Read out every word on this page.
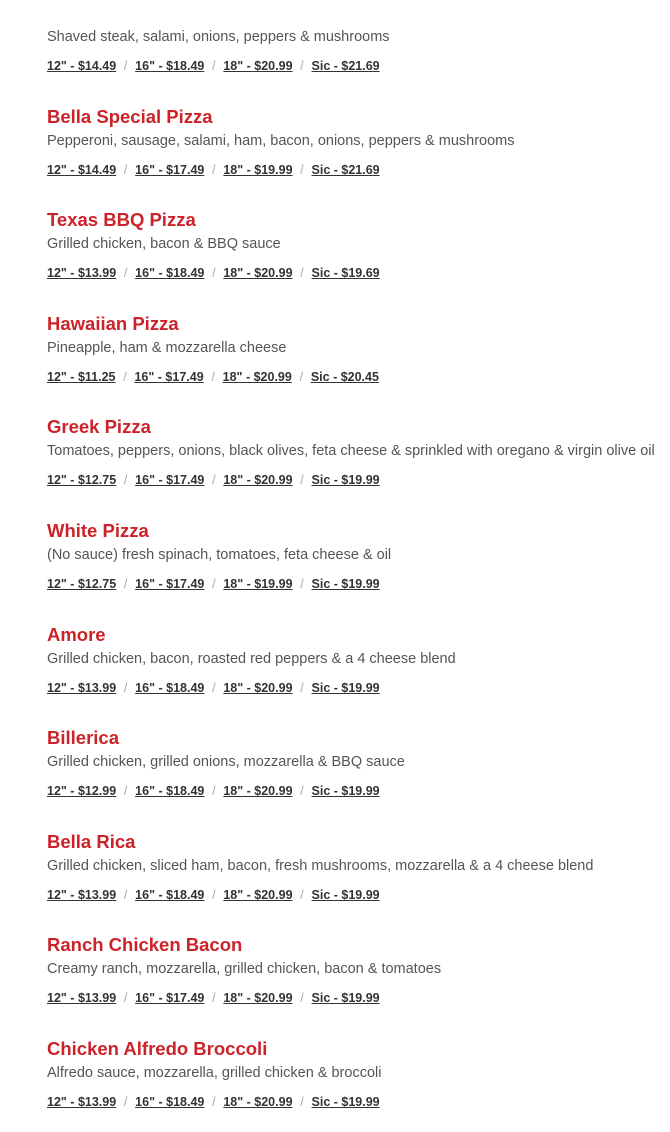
Shaved steak, salami, onions, peppers & mushrooms
12" - $14.49 / 16" - $18.49 / 18" - $20.99 / Sic - $21.69
Bella Special Pizza
Pepperoni, sausage, salami, ham, bacon, onions, peppers & mushrooms
12" - $14.49 / 16" - $17.49 / 18" - $19.99 / Sic - $21.69
Texas BBQ Pizza
Grilled chicken, bacon & BBQ sauce
12" - $13.99 / 16" - $18.49 / 18" - $20.99 / Sic - $19.69
Hawaiian Pizza
Pineapple, ham & mozzarella cheese
12" - $11.25 / 16" - $17.49 / 18" - $20.99 / Sic - $20.45
Greek Pizza
Tomatoes, peppers, onions, black olives, feta cheese & sprinkled with oregano & virgin olive oil
12" - $12.75 / 16" - $17.49 / 18" - $20.99 / Sic - $19.99
White Pizza
(No sauce) fresh spinach, tomatoes, feta cheese & oil
12" - $12.75 / 16" - $17.49 / 18" - $19.99 / Sic - $19.99
Amore
Grilled chicken, bacon, roasted red peppers & a 4 cheese blend
12" - $13.99 / 16" - $18.49 / 18" - $20.99 / Sic - $19.99
Billerica
Grilled chicken, grilled onions, mozzarella & BBQ sauce
12" - $12.99 / 16" - $18.49 / 18" - $20.99 / Sic - $19.99
Bella Rica
Grilled chicken, sliced ham, bacon, fresh mushrooms, mozzarella & a 4 cheese blend
12" - $13.99 / 16" - $18.49 / 18" - $20.99 / Sic - $19.99
Ranch Chicken Bacon
Creamy ranch, mozzarella, grilled chicken, bacon & tomatoes
12" - $13.99 / 16" - $17.49 / 18" - $20.99 / Sic - $19.99
Chicken Alfredo Broccoli
Alfredo sauce, mozzarella, grilled chicken & broccoli
12" - $13.99 / 16" - $18.49 / 18" - $20.99 / Sic - $19.99
